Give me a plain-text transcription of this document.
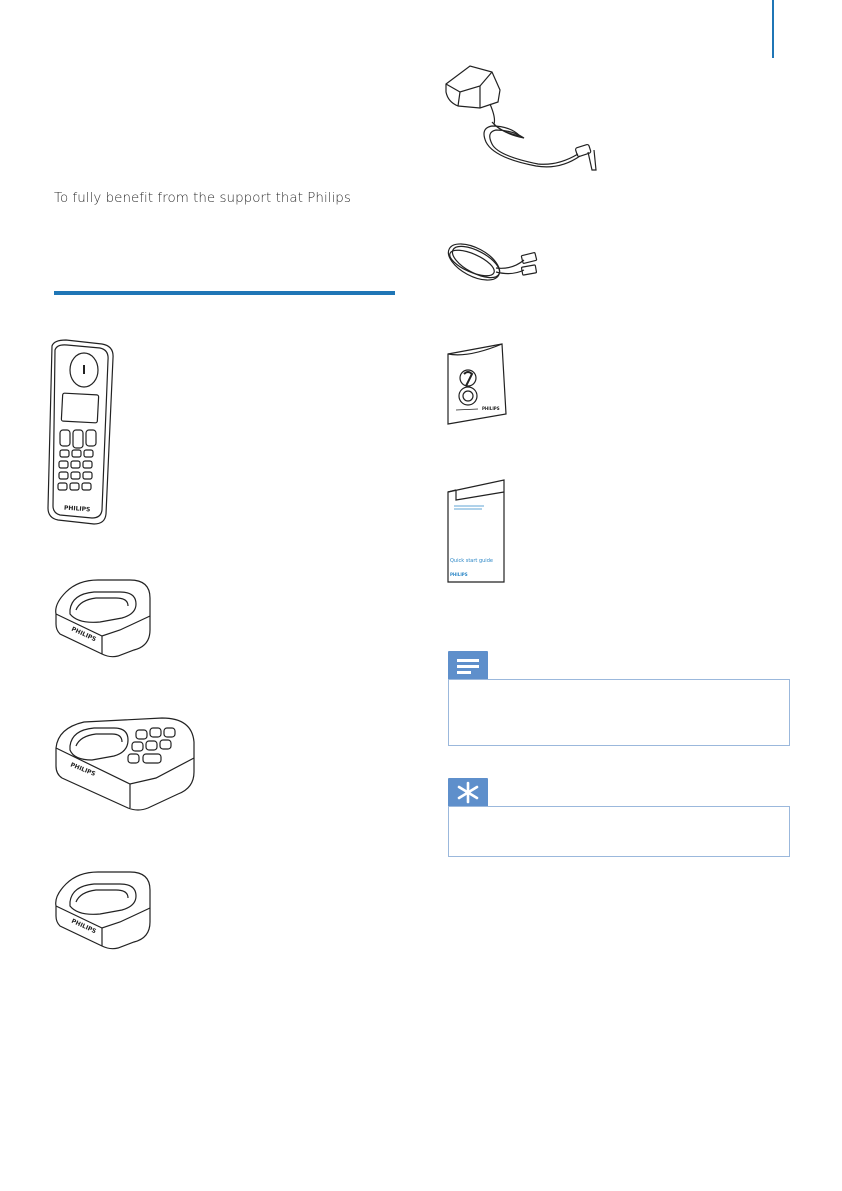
To fully benefit from the support that Philips
PHILIPS
PHILIPS
PHILIPS
PHILIPS
PHILIPS
Quick start guide
PHILIPS
